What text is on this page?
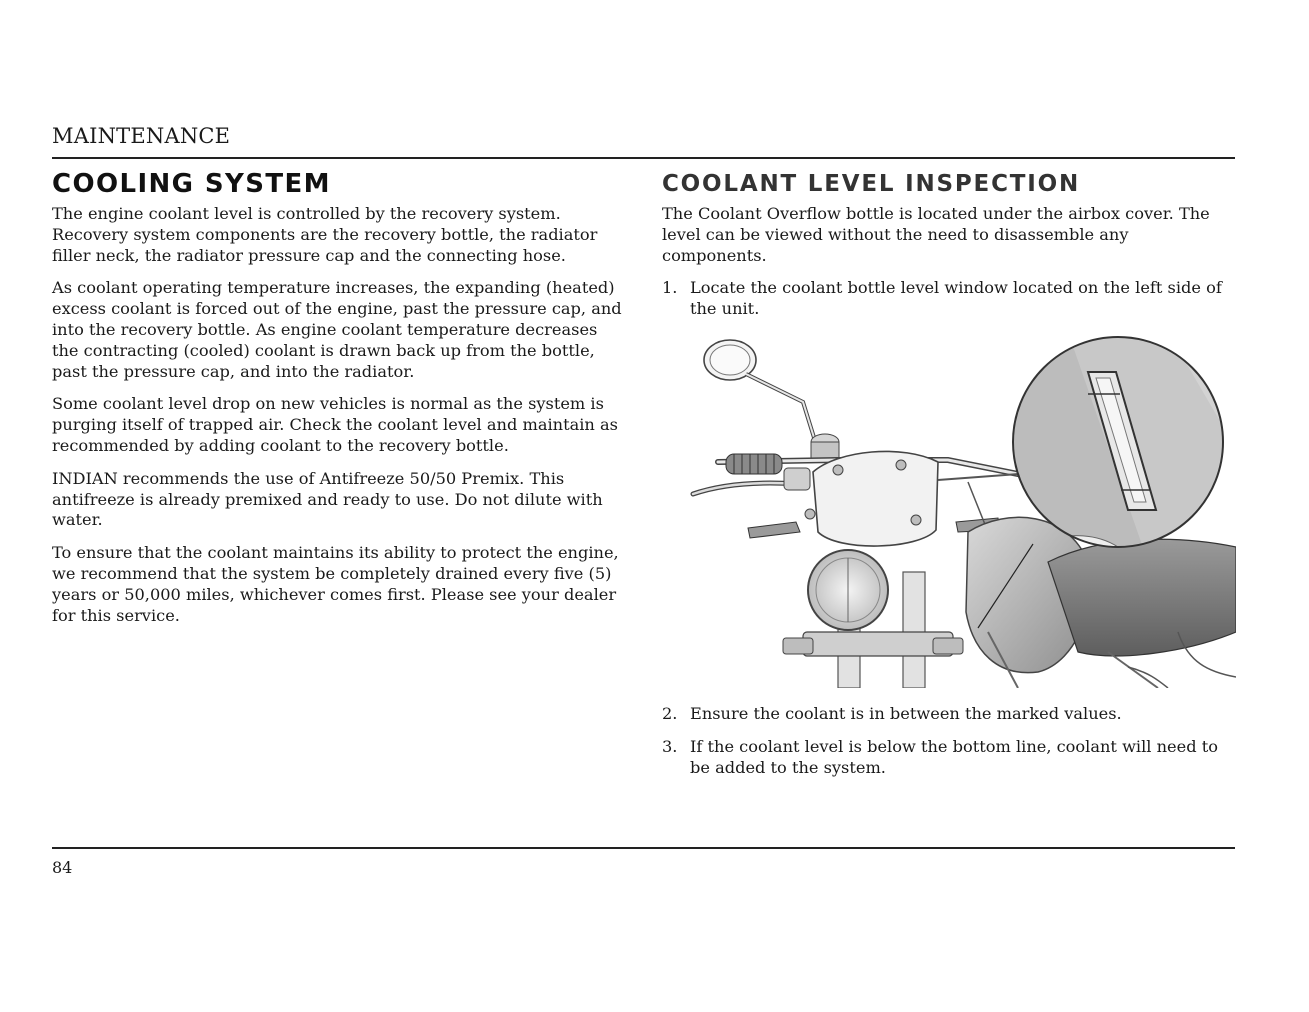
MAINTENANCE
COOLING SYSTEM

The engine coolant level is controlled by the recovery system. Recovery system components are the recovery bottle, the radiator filler neck, the radiator pressure cap and the connecting hose.

As coolant operating temperature increases, the expanding (heated) excess coolant is forced out of the engine, past the pressure cap, and into the recovery bottle. As engine coolant temperature decreases the contracting (cooled) coolant is drawn back up from the bottle, past the pressure cap, and into the radiator.

Some coolant level drop on new vehicles is normal as the system is purging itself of trapped air. Check the coolant level and maintain as recommended by adding coolant to the recovery bottle.

INDIAN recommends the use of Antifreeze 50/50 Premix. This antifreeze is already premixed and ready to use. Do not dilute with water.

To ensure that the coolant maintains its ability to protect the engine, we recommend that the system be completely drained every five (5) years or 50,000 miles, whichever comes first. Please see your dealer for this service.

COOLANT LEVEL INSPECTION

The Coolant Overflow bottle is located under the airbox cover. The level can be viewed without the need to disassemble any components.

1. Locate the coolant bottle level window located on the left side of the unit.
2. Ensure the coolant is in between the marked values.
3. If the coolant level is below the bottom line, coolant will need to be added to the system.
84
